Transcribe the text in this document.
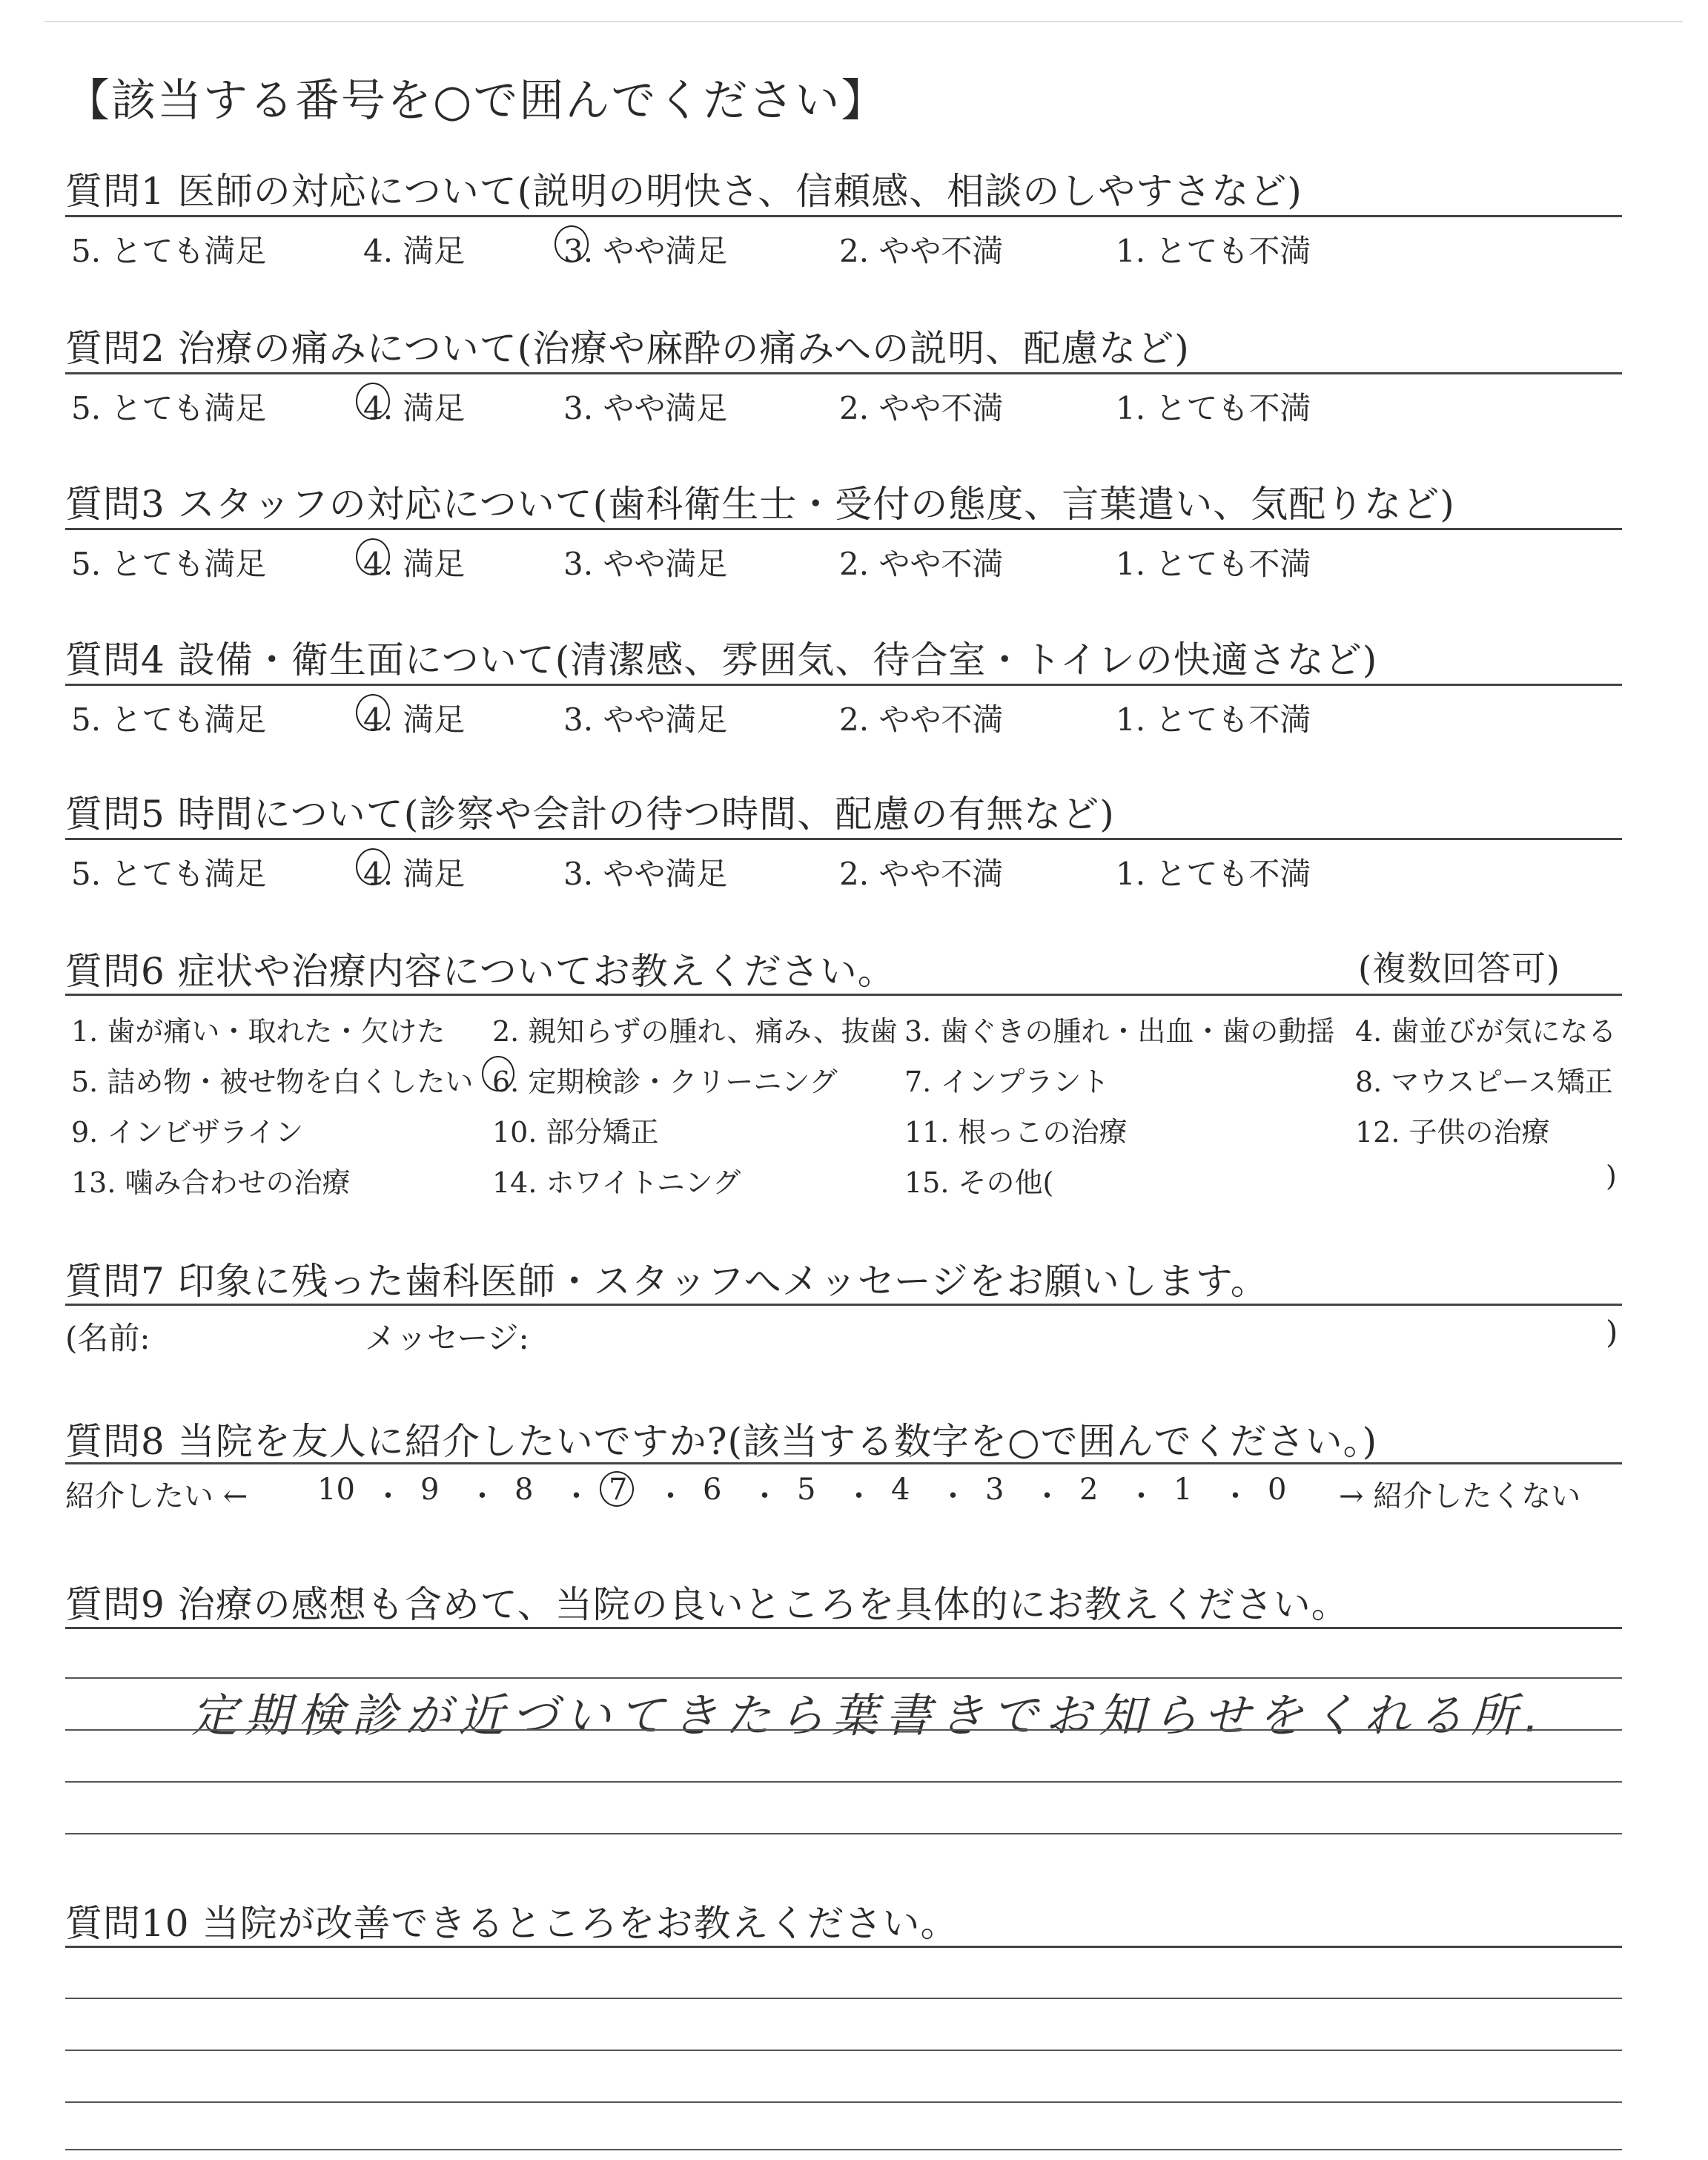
【該当する番号を○で囲んでください】
質問1 医師の対応について(説明の明快さ、信頼感、相談のしやすさなど)
5. とても満足	4. 満足	3. やや満足	2. やや不満	1. とても不満
質問2 治療の痛みについて(治療や麻酔の痛みへの説明、配慮など)
5. とても満足	4. 満足	3. やや満足	2. やや不満	1. とても不満
質問3 スタッフの対応について(歯科衛生士・受付の態度、言葉遣い、気配りなど)
5. とても満足	4. 満足	3. やや満足	2. やや不満	1. とても不満
質問4 設備・衛生面について(清潔感、雰囲気、待合室・トイレの快適さなど)
5. とても満足	4. 満足	3. やや満足	2. やや不満	1. とても不満
質問5 時間について(診察や会計の待つ時間、配慮の有無など)
5. とても満足	4. 満足	3. やや満足	2. やや不満	1. とても不満
質問6 症状や治療内容についてお教えください。	(複数回答可)
1. 歯が痛い・取れた・欠けた 2. 親知らずの腫れ、痛み、抜歯 3. 歯ぐきの腫れ・出血・歯の動揺 4. 歯並びが気になる
5. 詰め物・被せ物を白くしたい 6. 定期検診・クリーニング 7. インプラント	8. マウスピース矯正
9. インビザライン	10. 部分矯正	11. 根っこの治療	12. 子供の治療
13. 噛み合わせの治療	14. ホワイトニング	15. その他(	)
質問7 印象に残った歯科医師・スタッフへメッセージをお願いします。
(名前:	メッセージ:	)
質問8 当院を友人に紹介したいですか?(該当する数字を○で囲んでください。)
紹介したい ← 10 ・ 9 ・ 8 ・ 7 ・ 6 ・ 5 ・ 4 ・ 3 ・ 2 ・ 1 ・ 0 → 紹介したくない
質問9 治療の感想も含めて、当院の良いところを具体的にお教えください。
定期検診が近づいてきたら葉書きでお知らせをくれる所.
質問10 当院が改善できるところをお教えください。
